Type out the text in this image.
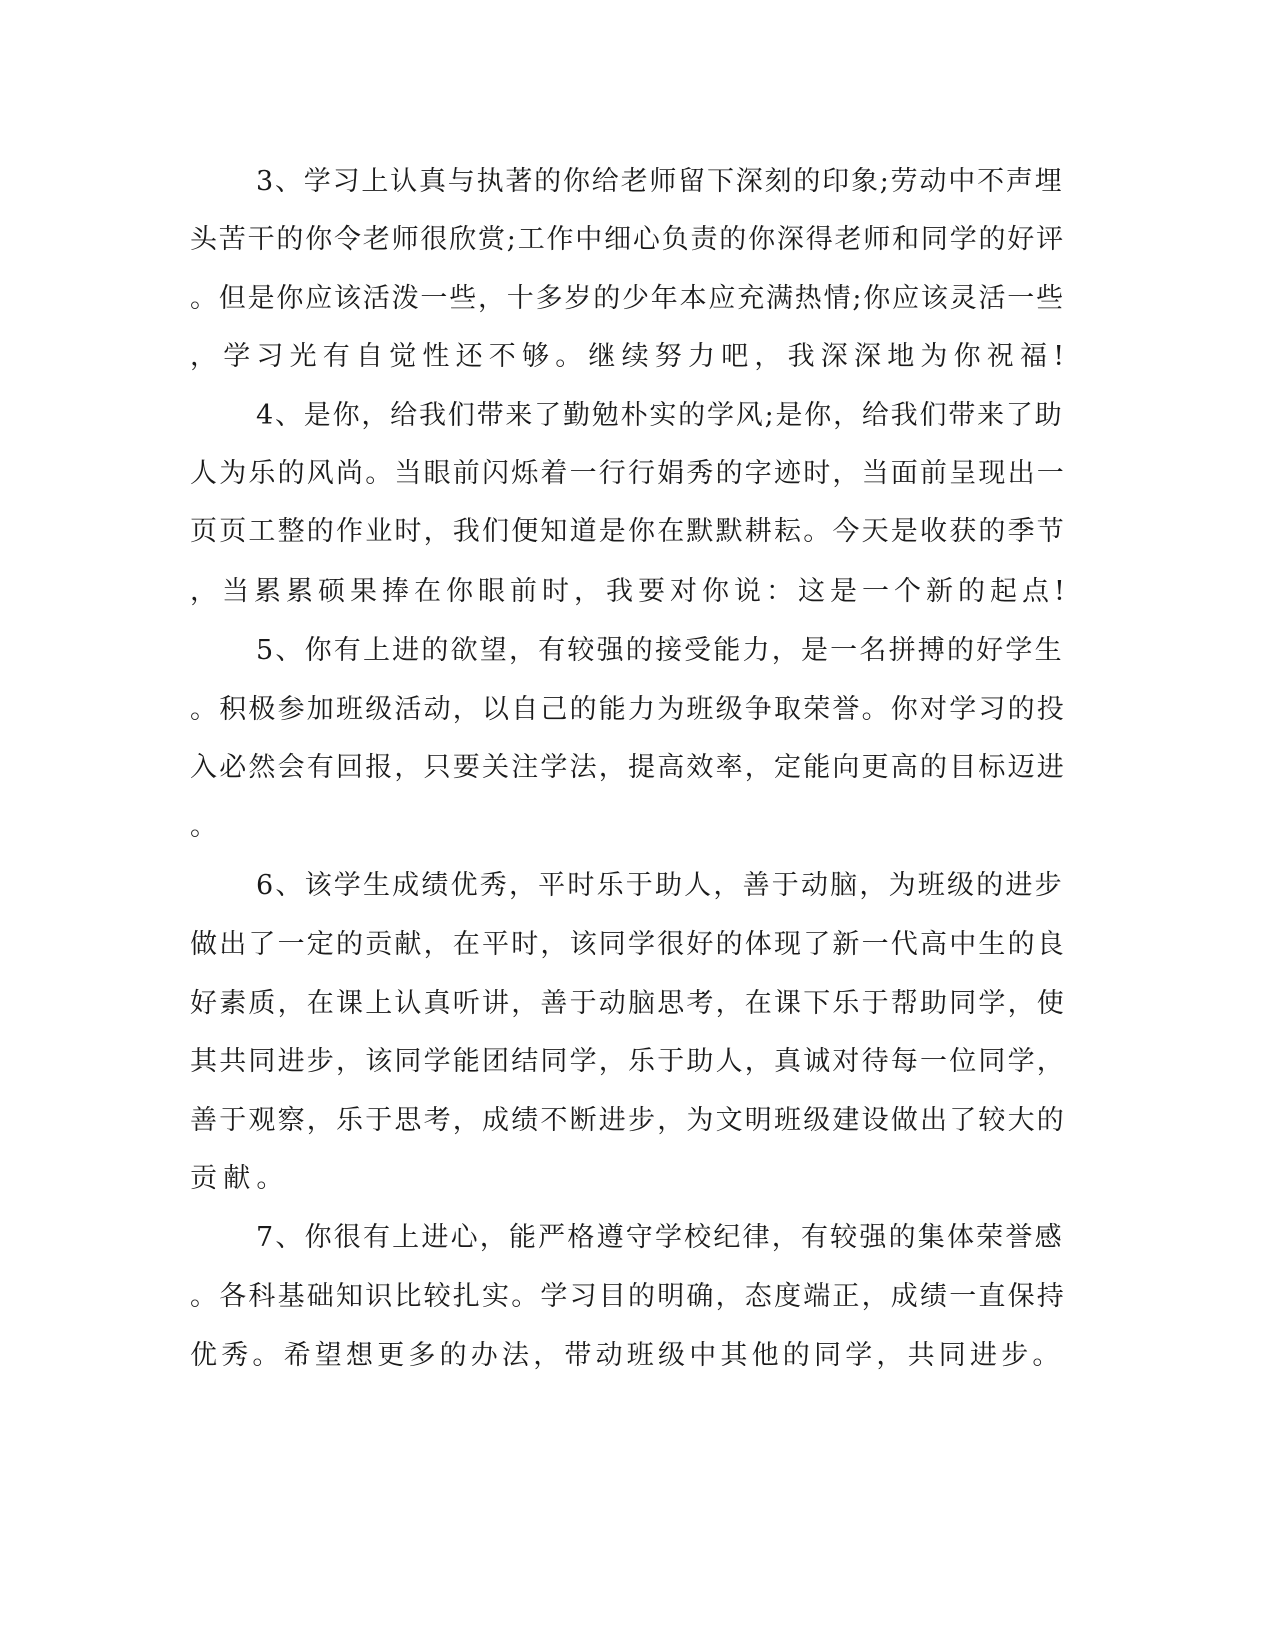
3、学习上认真与执著的你给老师留下深刻的印象;劳动中不声埋
头苦干的你令老师很欣赏;工作中细心负责的你深得老师和同学的好评
。但是你应该活泼一些，十多岁的少年本应充满热情;你应该灵活一些
，学习光有自觉性还不够。继续努力吧，我深深地为你祝福!
4、是你，给我们带来了勤勉朴实的学风;是你，给我们带来了助
人为乐的风尚。当眼前闪烁着一行行娟秀的字迹时，当面前呈现出一
页页工整的作业时，我们便知道是你在默默耕耘。今天是收获的季节
，当累累硕果捧在你眼前时，我要对你说：这是一个新的起点!
5、你有上进的欲望，有较强的接受能力，是一名拼搏的好学生
。积极参加班级活动，以自己的能力为班级争取荣誉。你对学习的投
入必然会有回报，只要关注学法，提高效率，定能向更高的目标迈进
。
6、该学生成绩优秀，平时乐于助人，善于动脑，为班级的进步
做出了一定的贡献，在平时，该同学很好的体现了新一代高中生的良
好素质，在课上认真听讲，善于动脑思考，在课下乐于帮助同学，使
其共同进步，该同学能团结同学，乐于助人，真诚对待每一位同学，
善于观察，乐于思考，成绩不断进步，为文明班级建设做出了较大的
贡献。
7、你很有上进心，能严格遵守学校纪律，有较强的集体荣誉感
。各科基础知识比较扎实。学习目的明确，态度端正，成绩一直保持
优秀。希望想更多的办法，带动班级中其他的同学，共同进步。
